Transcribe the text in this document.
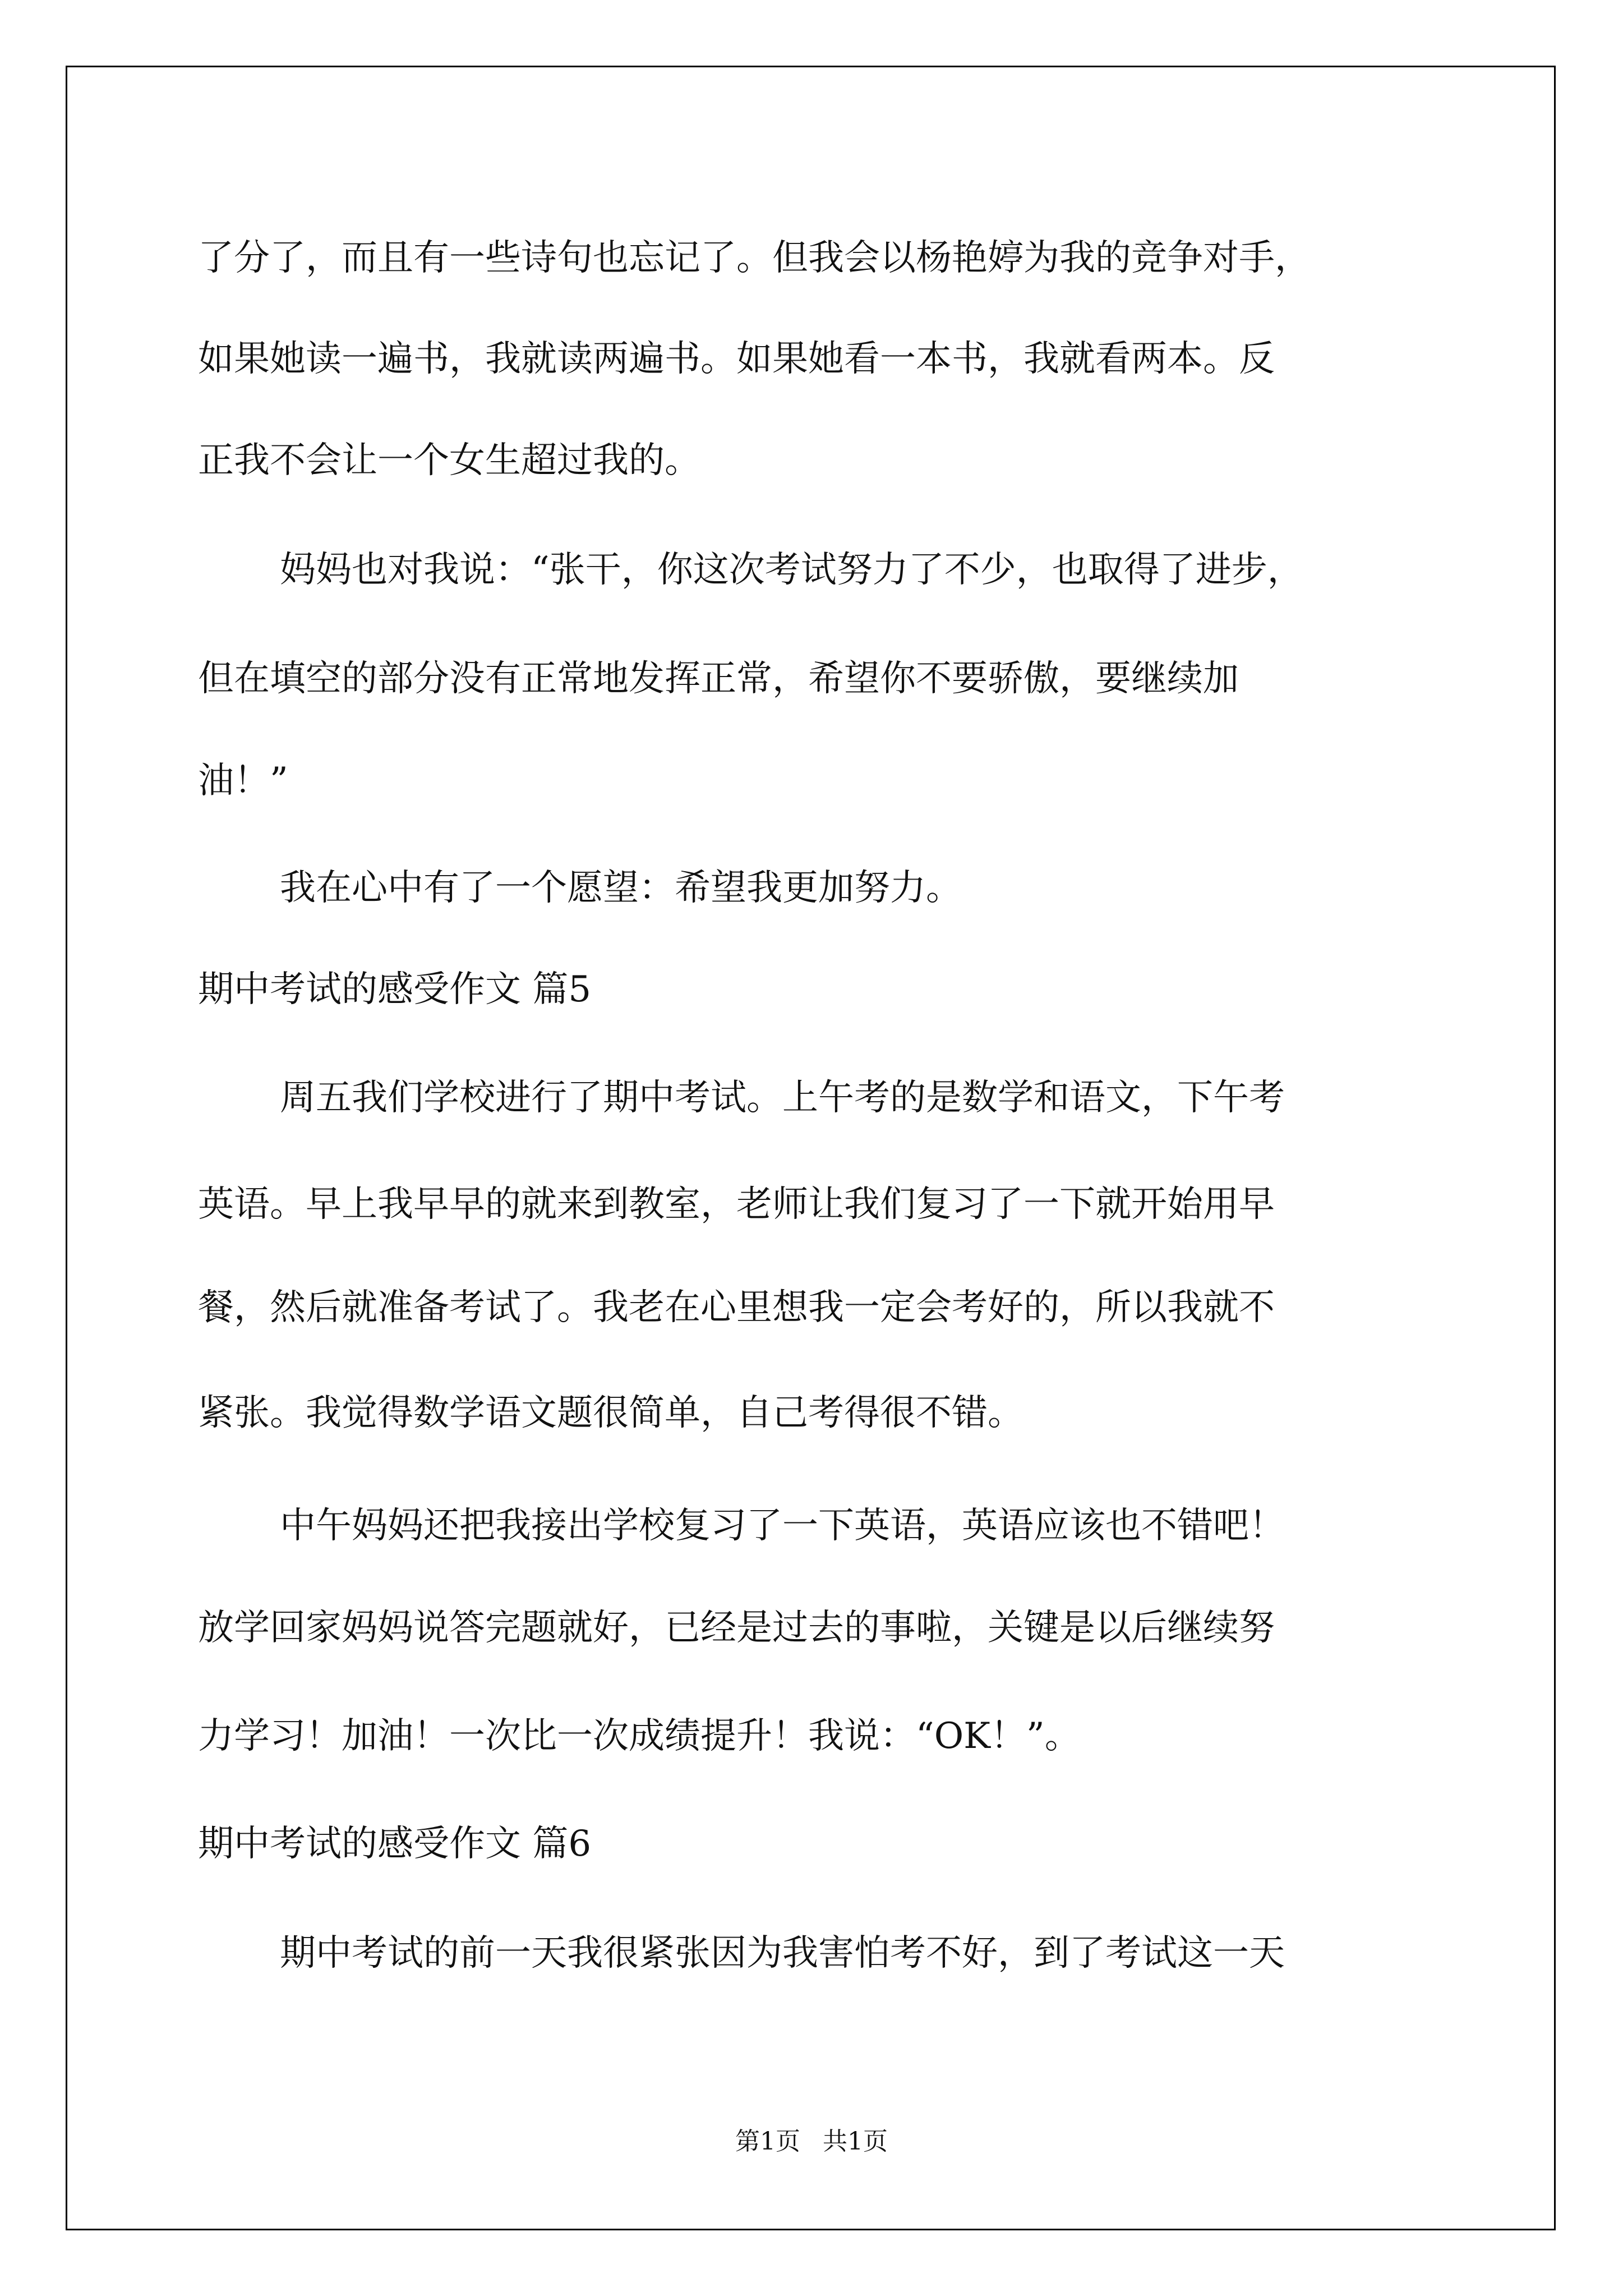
了分了，而且有一些诗句也忘记了。但我会以杨艳婷为我的竞争对手，
如果她读一遍书，我就读两遍书。如果她看一本书，我就看两本。反
正我不会让一个女生超过我的。
妈妈也对我说：“张干，你这次考试努力了不少，也取得了进步，
但在填空的部分没有正常地发挥正常，希望你不要骄傲，要继续加
油！”
我在心中有了一个愿望：希望我更加努力。
期中考试的感受作文 篇5
周五我们学校进行了期中考试。上午考的是数学和语文，下午考
英语。早上我早早的就来到教室，老师让我们复习了一下就开始用早
餐，然后就准备考试了。我老在心里想我一定会考好的，所以我就不
紧张。我觉得数学语文题很简单，自己考得很不错。
中午妈妈还把我接出学校复习了一下英语，英语应该也不错吧！
放学回家妈妈说答完题就好，已经是过去的事啦，关键是以后继续努
力学习！加油！一次比一次成绩提升！我说：“OK！”。
期中考试的感受作文 篇6
期中考试的前一天我很紧张因为我害怕考不好，到了考试这一天
第1页 共1页
